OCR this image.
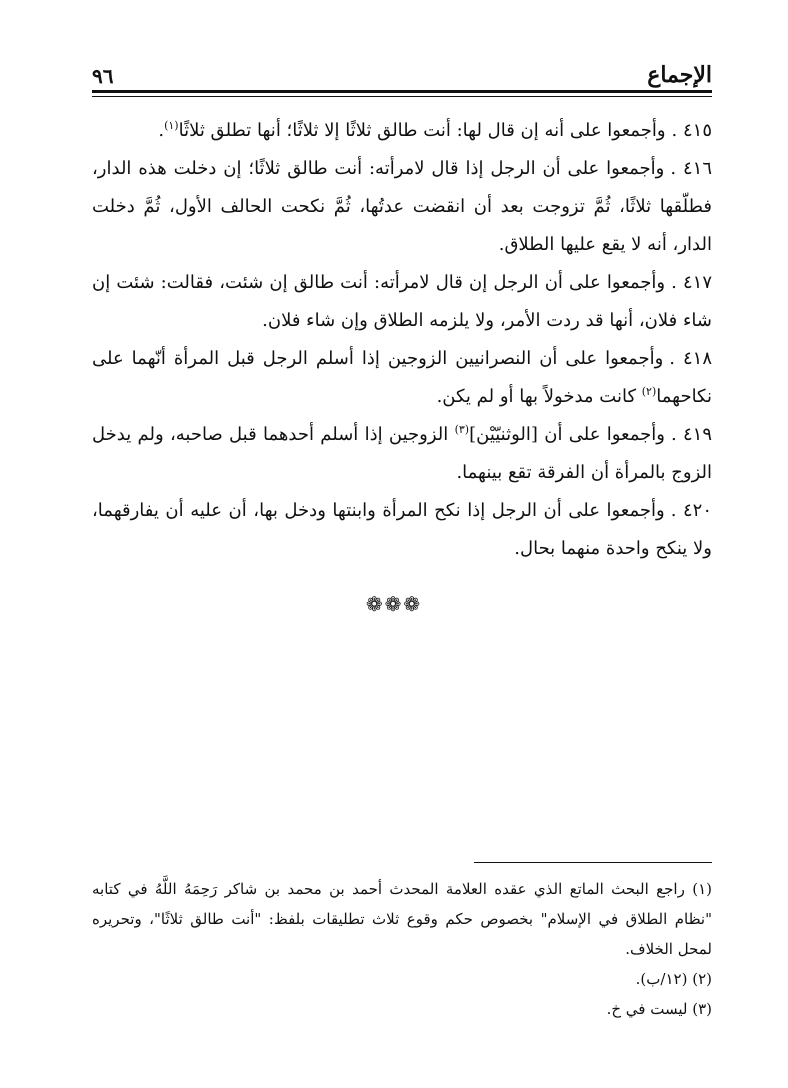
الإجماع
٩٦

٤١٥ .وأجمعوا على أنه إن قال لها: أنت طالق ثلاثًا إلا ثلاثًا؛ أنها تطلق ثلاثًا$^{(١)}$.

٤١٦ .وأجمعوا على أن الرجل إذا قال لامرأته: أنت طالق ثلاثًا؛ إن دخلت هذه الدار، فطلّقها ثلاثًا، ثُمَّ تزوجت بعد أن انقضت عدتُها، ثُمَّ نكحت الحالف الأول، ثُمَّ دخلت الدار، أنه لا يقع عليها الطلاق.

٤١٧ .وأجمعوا على أن الرجل إن قال لامرأته: أنت طالق إن شئت، فقالت: شئت إن شاء فلان، أنها قد ردت الأمر، ولا يلزمه الطلاق وإن شاء فلان.

٤١٨ .وأجمعوا على أن النصرانيين الزوجين إذا أسلم الرجل قبل المرأة أنّهما على نكاحهما$^{(٢)}$ كانت مدخولاً بها أو لم يكن.

٤١٩ .وأجمعوا على أن [الوثنيّيْن]$^{(٣)}$ الزوجين إذا أسلم أحدهما قبل صاحبه، ولم يدخل الزوج بالمرأة أن الفرقة تقع بينهما.

٤٢٠ .وأجمعوا على أن الرجل إذا نكح المرأة وابنتها ودخل بها، أن عليه أن يفارقهما، ولا ينكح واحدة منهما بحال.

❁❁❁

(١) راجع البحث الماتع الذي عقده العلامة المحدث أحمد بن محمد بن شاكر رَحِمَهُ اللَّهُ في كتابه "نظام الطلاق في الإسلام" بخصوص حكم وقوع ثلاث تطليقات بلفظ: "أنت طالق ثلاثًا"، وتحريره لمحل الخلاف.

(٢) (١٢/ب).

(٣) ليست في خ.
